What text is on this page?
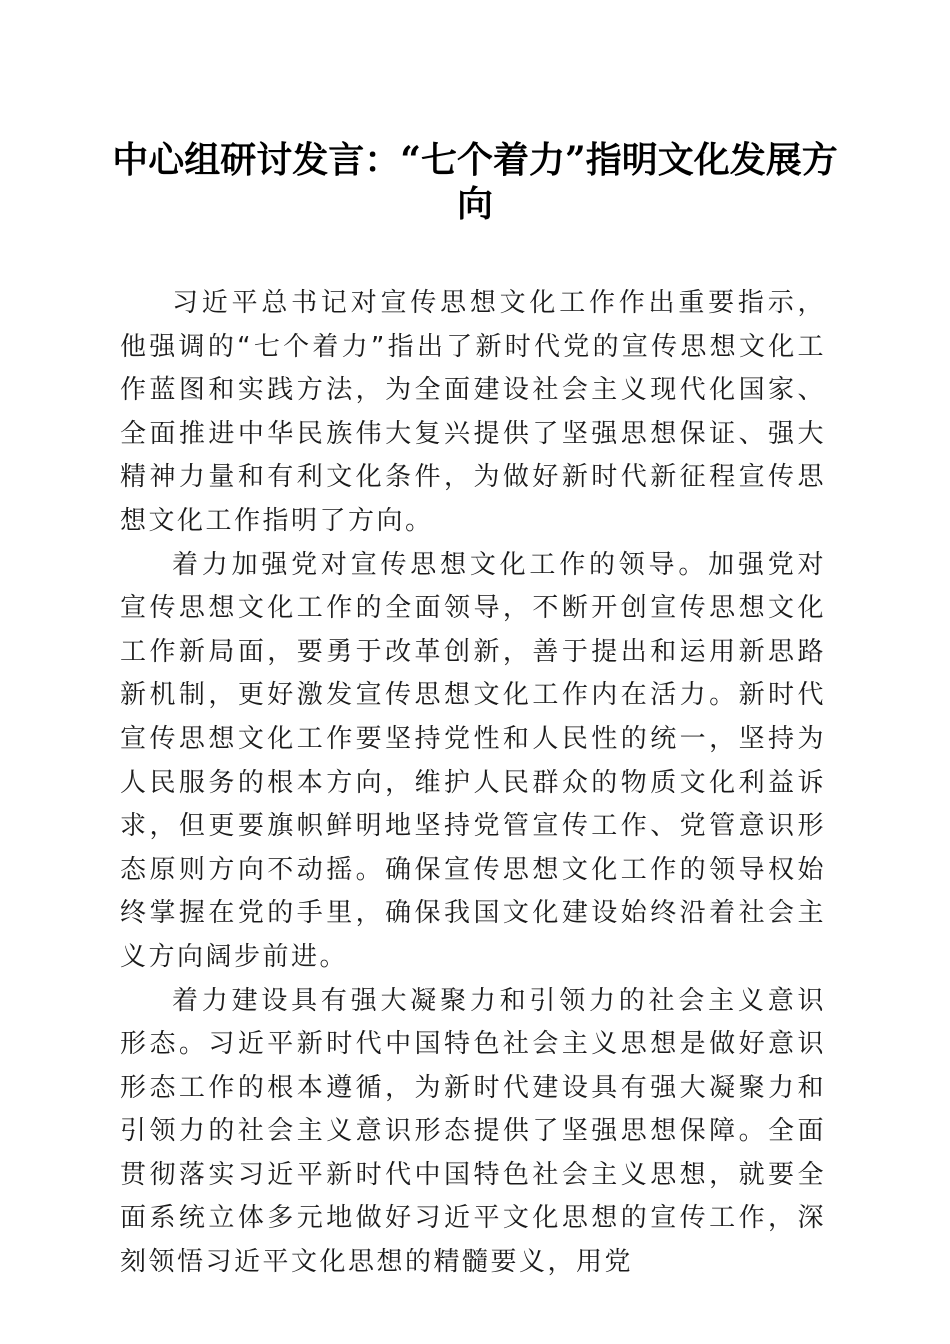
中心组研讨发言：“七个着力”指明文化发展方向

习近平总书记对宣传思想文化工作作出重要指示，他强调的“七个着力”指出了新时代党的宣传思想文化工作蓝图和实践方法，为全面建设社会主义现代化国家、全面推进中华民族伟大复兴提供了坚强思想保证、强大精神力量和有利文化条件，为做好新时代新征程宣传思想文化工作指明了方向。

着力加强党对宣传思想文化工作的领导。加强党对宣传思想文化工作的全面领导，不断开创宣传思想文化工作新局面，要勇于改革创新，善于提出和运用新思路新机制，更好激发宣传思想文化工作内在活力。新时代宣传思想文化工作要坚持党性和人民性的统一，坚持为人民服务的根本方向，维护人民群众的物质文化利益诉求，但更要旗帜鲜明地坚持党管宣传工作、党管意识形态原则方向不动摇。确保宣传思想文化工作的领导权始终掌握在党的手里，确保我国文化建设始终沿着社会主义方向阔步前进。

着力建设具有强大凝聚力和引领力的社会主义意识形态。习近平新时代中国特色社会主义思想是做好意识形态工作的根本遵循，为新时代建设具有强大凝聚力和引领力的社会主义意识形态提供了坚强思想保障。全面贯彻落实习近平新时代中国特色社会主义思想，就要全面系统立体多元地做好习近平文化思想的宣传工作，深刻领悟习近平文化思想的精髓要义，用党
